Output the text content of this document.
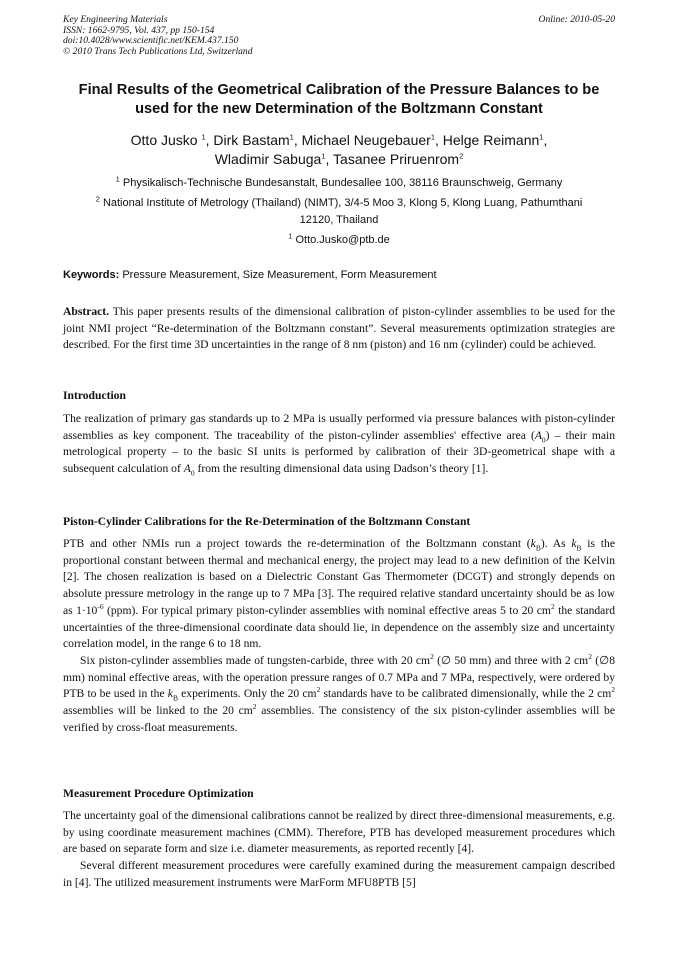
Key Engineering Materials
ISSN: 1662-9795, Vol. 437, pp 150-154
doi:10.4028/www.scientific.net/KEM.437.150
© 2010 Trans Tech Publications Ltd, Switzerland
Online: 2010-05-20
Final Results of the Geometrical Calibration of the Pressure Balances to be used for the new Determination of the Boltzmann Constant
Otto Jusko $^1$, Dirk Bastam$^1$, Michael Neugebauer$^1$, Helge Reimann$^1$,
Wladimir Sabuga$^1$, Tasanee Priruenrom$^2$
$^1$ Physikalisch-Technische Bundesanstalt, Bundesallee 100, 38116 Braunschweig, Germany
$^2$ National Institute of Metrology (Thailand) (NIMT), 3/4-5 Moo 3, Klong 5, Klong Luang, Pathumthani 12120, Thailand
$^1$ Otto.Jusko@ptb.de
Keywords: Pressure Measurement, Size Measurement, Form Measurement
Abstract. This paper presents results of the dimensional calibration of piston-cylinder assemblies to be used for the joint NMI project “Re-determination of the Boltzmann constant”. Several measurements optimization strategies are described. For the first time 3D uncertainties in the range of 8 nm (piston) and 16 nm (cylinder) could be achieved.
Introduction
The realization of primary gas standards up to 2 MPa is usually performed via pressure balances with piston-cylinder assemblies as key component. The traceability of the piston-cylinder assemblies' effective area $(A_0)$ – their main metrological property – to the basic SI units is performed by calibration of their 3D-geometrical shape with a subsequent calculation of $A_0$ from the resulting dimensional data using Dadson’s theory [1].
Piston-Cylinder Calibrations for the Re-Determination of the Boltzmann Constant

PTB and other NMIs run a project towards the re-determination of the Boltzmann constant $(k_B)$. As $k_B$ is the proportional constant between thermal and mechanical energy, the project may lead to a new definition of the Kelvin [2]. The chosen realization is based on a Dielectric Constant Gas Thermometer (DCGT) and strongly depends on absolute pressure metrology in the range up to 7 MPa [3]. The required relative standard uncertainty should be as low as $1\cdot 10^{-6}$ (ppm). For typical primary piston-cylinder assemblies with nominal effective areas 5 to 20 $cm^2$ the standard uncertainties of the three-dimensional coordinate data should lie, in dependence on the assembly size and uncertainty correlation model, in the range 6 to 18 nm.

Six piston-cylinder assemblies made of tungsten-carbide, three with 20 $cm^2$ (∅ 50 mm) and three with 2 $cm^2$ (∅8 mm) nominal effective areas, with the operation pressure ranges of 0.7 MPa and 7 MPa, respectively, were ordered by PTB to be used in the $k_B$ experiments. Only the 20 $cm^2$ standards have to be calibrated dimensionally, while the 2 $cm^2$ assemblies will be linked to the 20 $cm^2$ assemblies. The consistency of the six piston-cylinder assemblies will be verified by cross-float measurements.

Measurement Procedure Optimization

The uncertainty goal of the dimensional calibrations cannot be realized by direct three-dimensional measurements, e.g. by using coordinate measurement machines (CMM). Therefore, PTB has developed measurement procedures which are based on separate form and size i.e. diameter measurements, as reported recently [4].

Several different measurement procedures were carefully examined during the measurement campaign described in [4]. The utilized measurement instruments were MarForm MFU8PTB [5]
